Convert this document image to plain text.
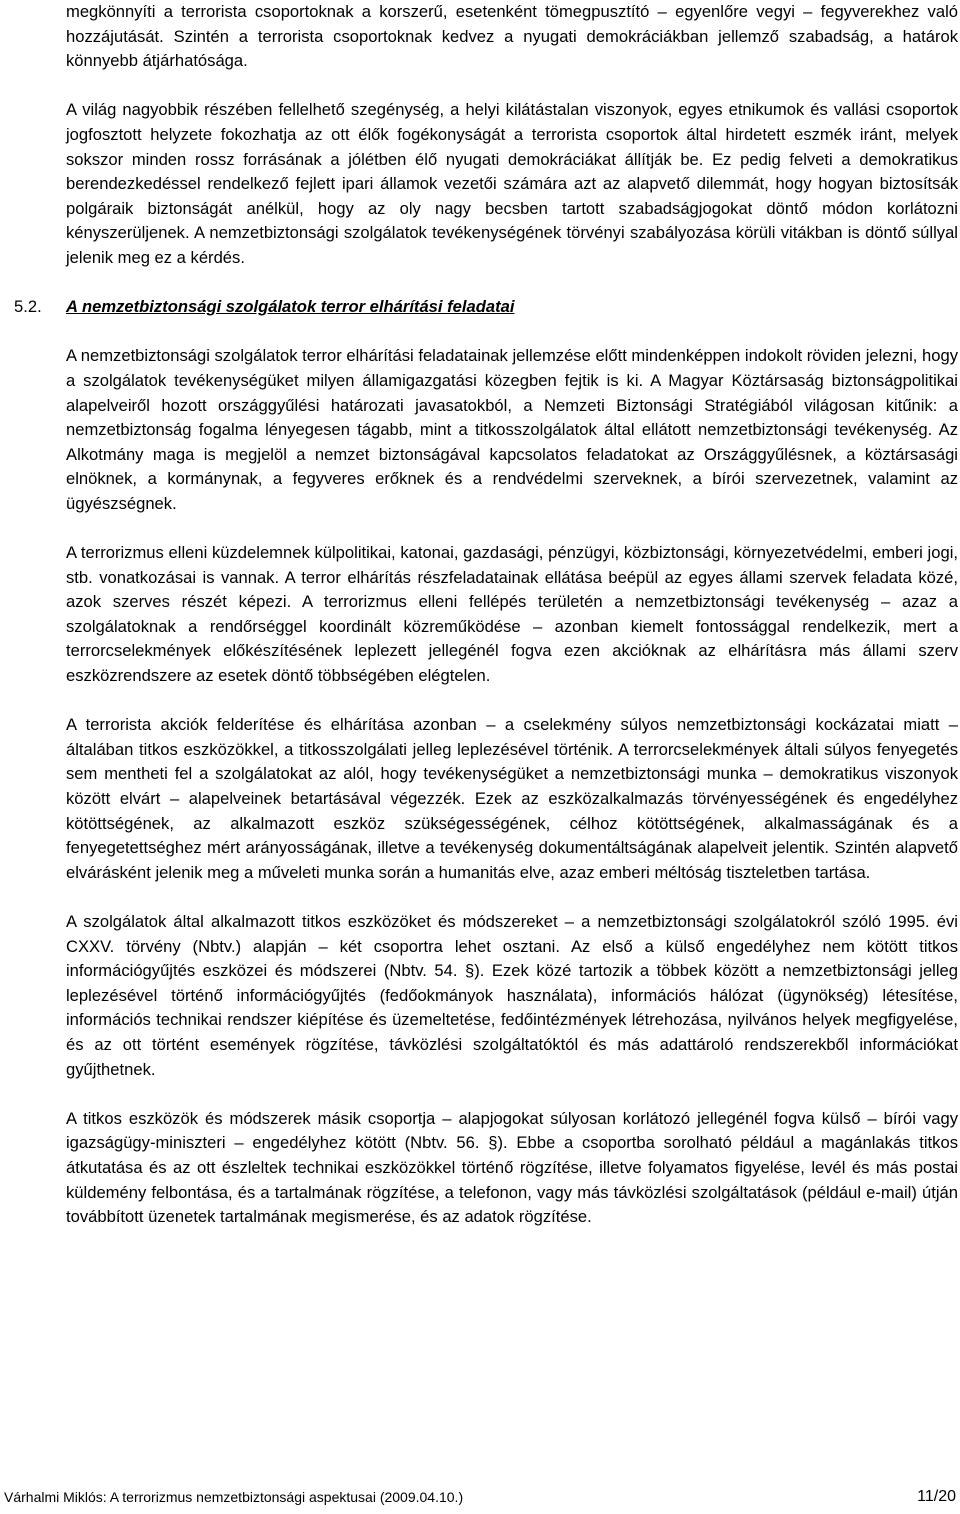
megkönnyíti a terrorista csoportoknak a korszerű, esetenként tömegpusztító – egyenlőre vegyi – fegyverekhez való hozzájutását. Szintén a terrorista csoportoknak kedvez a nyugati demokráciákban jellemző szabadság, a határok könnyebb átjárhatósága.

A világ nagyobbik részében fellelhető szegénység, a helyi kilátástalan viszonyok, egyes etnikumok és vallási csoportok jogfosztott helyzete fokozhatja az ott élők fogékonyságát a terrorista csoportok által hirdetett eszmék iránt, melyek sokszor minden rossz forrásának a jólétben élő nyugati demokráciákat állítják be. Ez pedig felveti a demokratikus berendezkedéssel rendelkező fejlett ipari államok vezetői számára azt az alapvető dilemmát, hogy hogyan biztosítsák polgáraik biztonságát anélkül, hogy az oly nagy becsben tartott szabadságjogokat döntő módon korlátozni kényszerüljenek. A nemzetbiztonsági szolgálatok tevékenységének törvényi szabályozása körüli vitákban is döntő súllyal jelenik meg ez a kérdés.

5.2. A nemzetbiztonsági szolgálatok terror elhárítási feladatai

A nemzetbiztonsági szolgálatok terror elhárítási feladatainak jellemzése előtt mindenképpen indokolt röviden jelezni, hogy a szolgálatok tevékenységüket milyen államigazgatási közegben fejtik is ki. A Magyar Köztársaság biztonságpolitikai alapelveiről hozott országgyűlési határozati javasatokból, a Nemzeti Biztonsági Stratégiából világosan kitűnik: a nemzetbiztonság fogalma lényegesen tágabb, mint a titkosszolgálatok által ellátott nemzetbiztonsági tevékenység. Az Alkotmány maga is megjelöl a nemzet biztonságával kapcsolatos feladatokat az Országgyűlésnek, a köztársasági elnöknek, a kormánynak, a fegyveres erőknek és a rendvédelmi szerveknek, a bírói szervezetnek, valamint az ügyészségnek.

A terrorizmus elleni küzdelemnek külpolitikai, katonai, gazdasági, pénzügyi, közbiztonsági, környezetvédelmi, emberi jogi, stb. vonatkozásai is vannak. A terror elhárítás részfeladatainak ellátása beépül az egyes állami szervek feladata közé, azok szerves részét képezi. A terrorizmus elleni fellépés területén a nemzetbiztonsági tevékenység – azaz a szolgálatoknak a rendőrséggel koordinált közreműködése – azonban kiemelt fontossággal rendelkezik, mert a terrorcselekmények előkészítésének leplezett jellegénél fogva ezen akcióknak az elhárításra más állami szerv eszközrendszere az esetek döntő többségében elégtelen.

A terrorista akciók felderítése és elhárítása azonban – a cselekmény súlyos nemzetbiztonsági kockázatai miatt – általában titkos eszközökkel, a titkosszolgálati jelleg leplezésével történik. A terrorcselekmények általi súlyos fenyegetés sem mentheti fel a szolgálatokat az alól, hogy tevékenységüket a nemzetbiztonsági munka – demokratikus viszonyok között elvárt – alapelveinek betartásával végezzék. Ezek az eszközalkalmazás törvényességének és engedélyhez kötöttségének, az alkalmazott eszköz szükségességének, célhoz kötöttségének, alkalmasságának és a fenyegetettséghez mért arányosságának, illetve a tevékenység dokumentáltságának alapelveit jelentik. Szintén alapvető elvárásként jelenik meg a műveleti munka során a humanitás elve, azaz emberi méltóság tiszteletben tartása.

A szolgálatok által alkalmazott titkos eszközöket és módszereket – a nemzetbiztonsági szolgálatokról szóló 1995. évi CXXV. törvény (Nbtv.) alapján – két csoportra lehet osztani. Az első a külső engedélyhez nem kötött titkos információgyűjtés eszközei és módszerei (Nbtv. 54. §). Ezek közé tartozik a többek között a nemzetbiztonsági jelleg leplezésével történő információgyűjtés (fedőokmányok használata), információs hálózat (ügynökség) létesítése, információs technikai rendszer kiépítése és üzemeltetése, fedőintézmények létrehozása, nyilvános helyek megfigyelése, és az ott történt események rögzítése, távközlési szolgáltatóktól és más adattároló rendszerekből információkat gyűjthetnek.

A titkos eszközök és módszerek másik csoportja – alapjogokat súlyosan korlátozó jellegénél fogva külső – bírói vagy igazságügy-miniszteri – engedélyhez kötött (Nbtv. 56. §). Ebbe a csoportba sorolható például a magánlakás titkos átkutatása és az ott észleltek technikai eszközökkel történő rögzítése, illetve folyamatos figyelése, levél és más postai küldemény felbontása, és a tartalmának rögzítése, a telefonon, vagy más távközlési szolgáltatások (például e-mail) útján továbbított üzenetek tartalmának megismerése, és az adatok rögzítése.

Várhalmi Miklós: A terrorizmus nemzetbiztonsági aspektusai (2009.04.10.)	11/20
